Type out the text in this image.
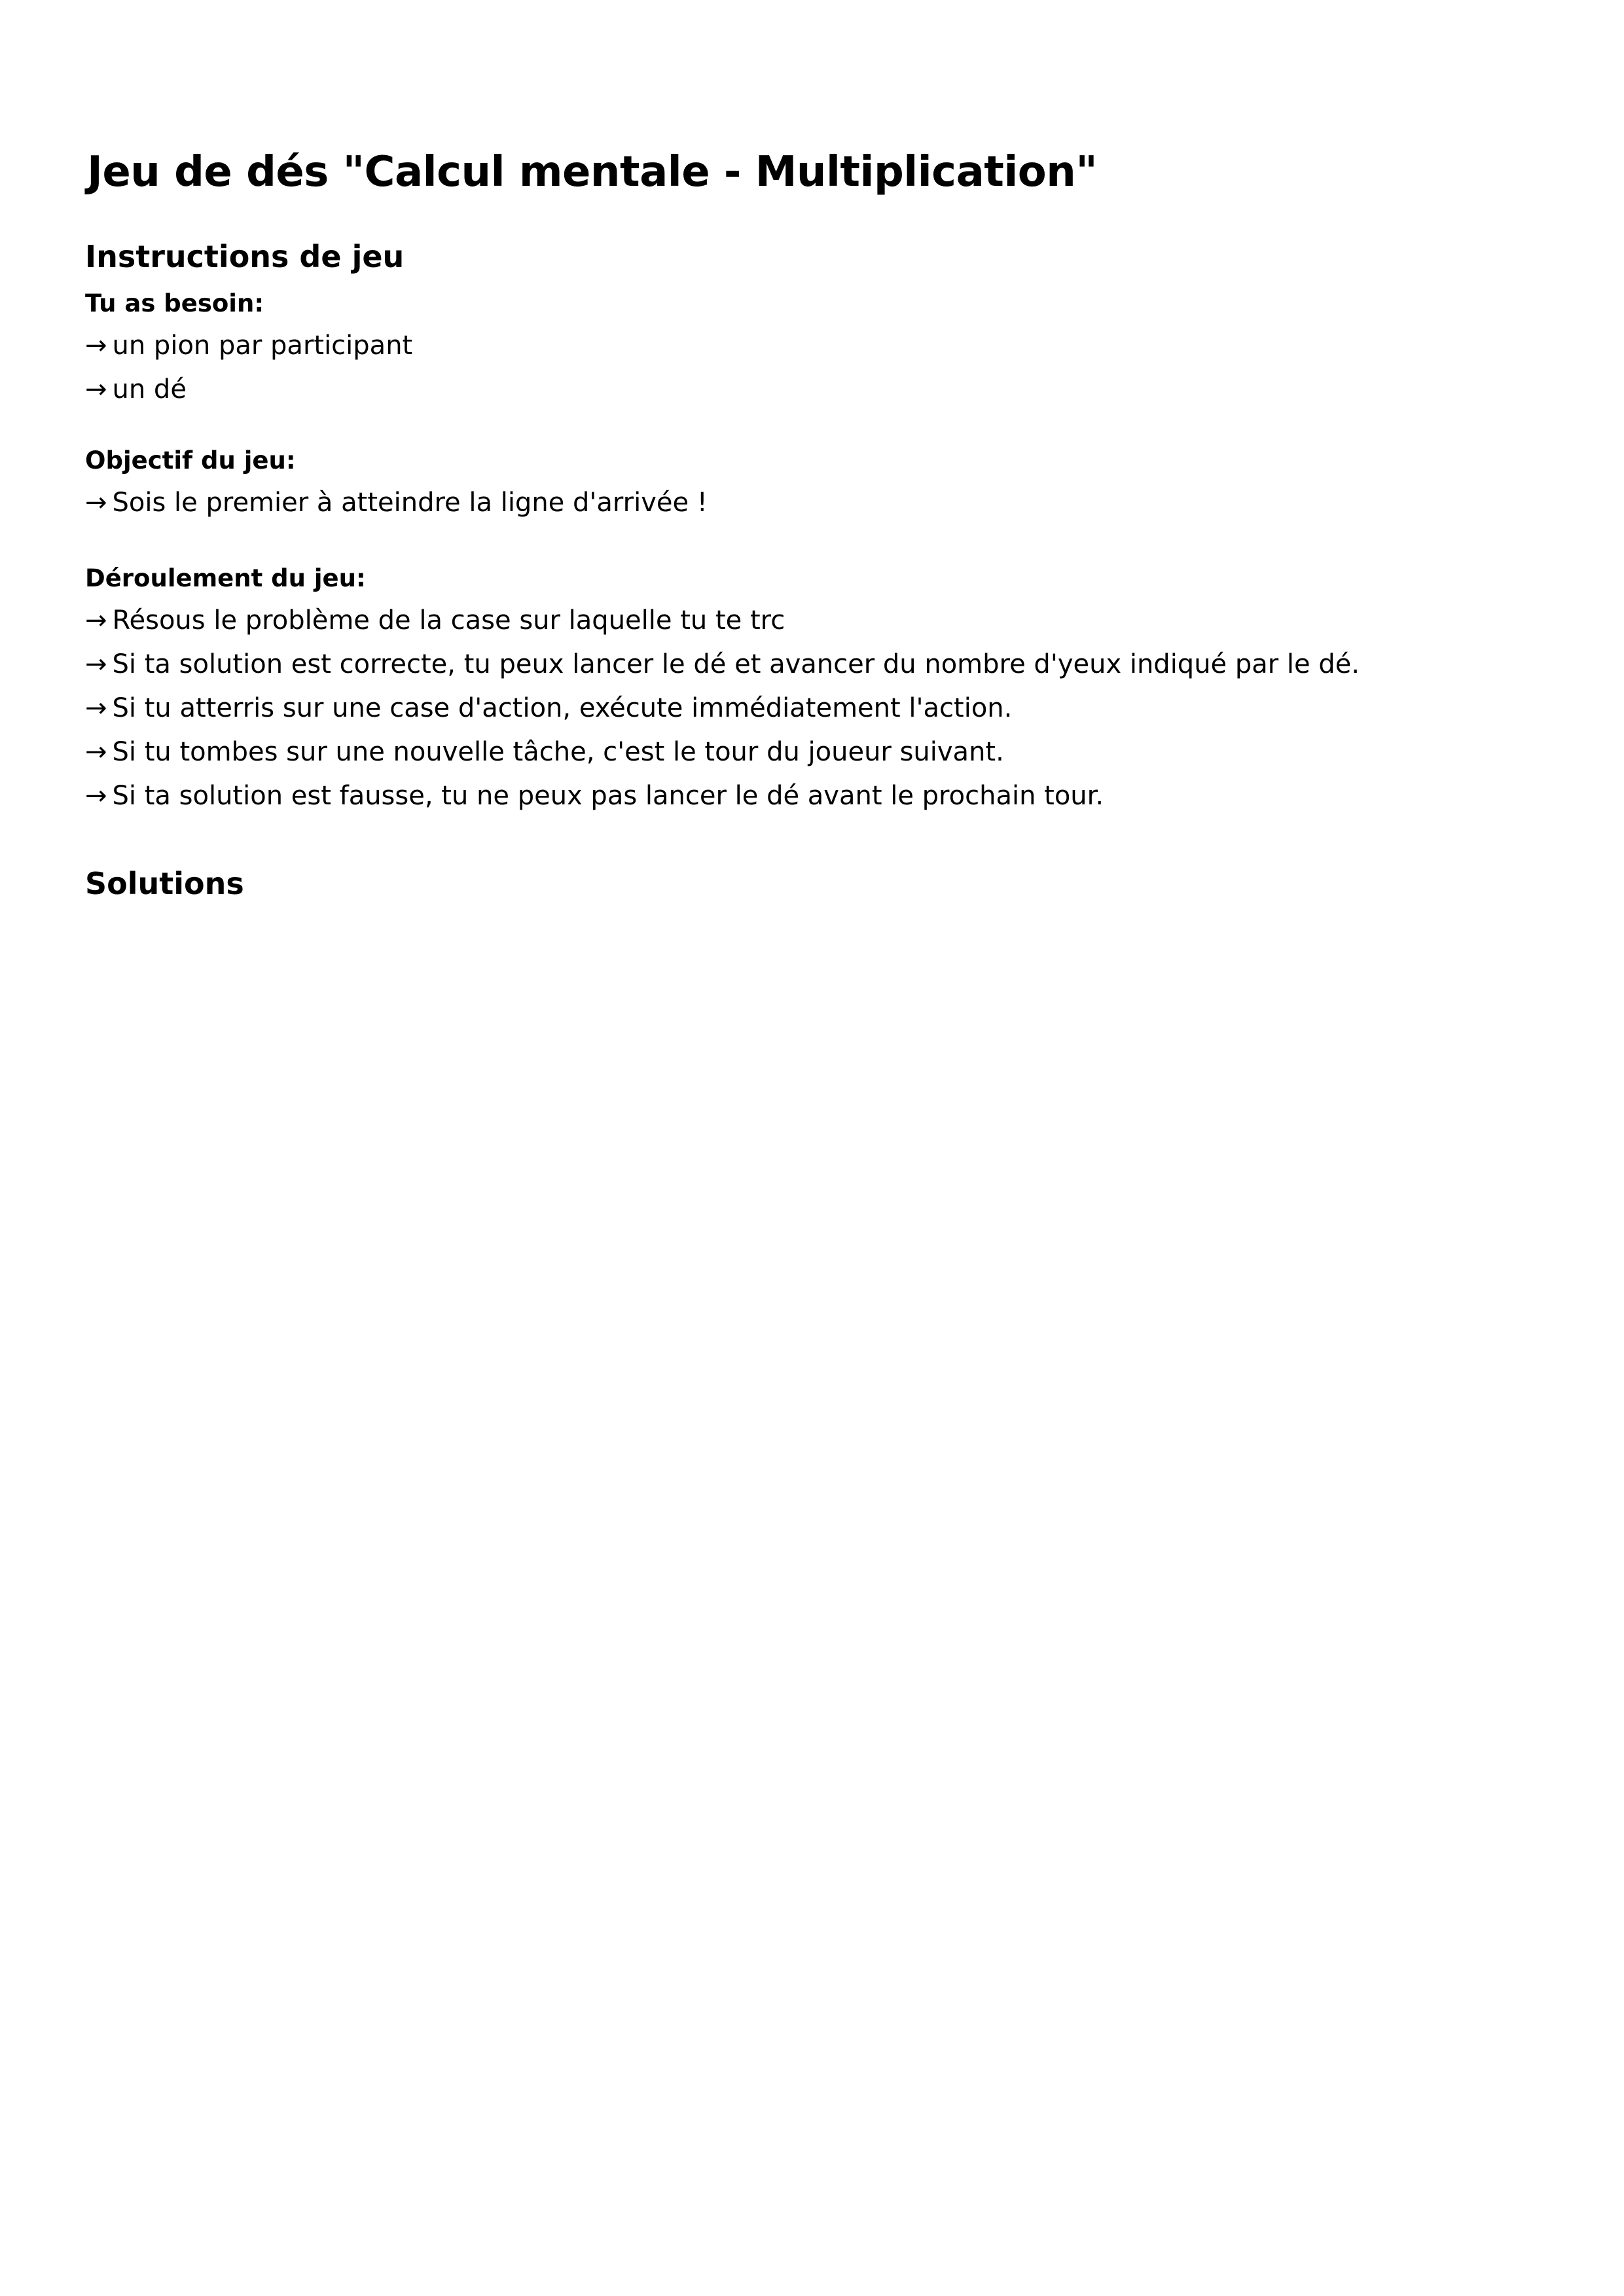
Jeu de dés "Calcul mentale - Multiplication"
Instructions de jeu
Tu as besoin:
→ un pion par participant
→ un dé
Objectif du jeu:
→ Sois le premier à atteindre la ligne d'arrivée !
Déroulement du jeu:
→ Résous le problème de la case sur laquelle tu te trc
→ Si ta solution est correcte, tu peux lancer le dé et avancer du nombre d'yeux indiqué par le dé.
→ Si tu atterris sur une case d'action, exécute immédiatement l'action.
→ Si tu tombes sur une nouvelle tâche, c'est le tour du joueur suivant.
→ Si ta solution est fausse, tu ne peux pas lancer le dé avant le prochain tour.
Solutions
